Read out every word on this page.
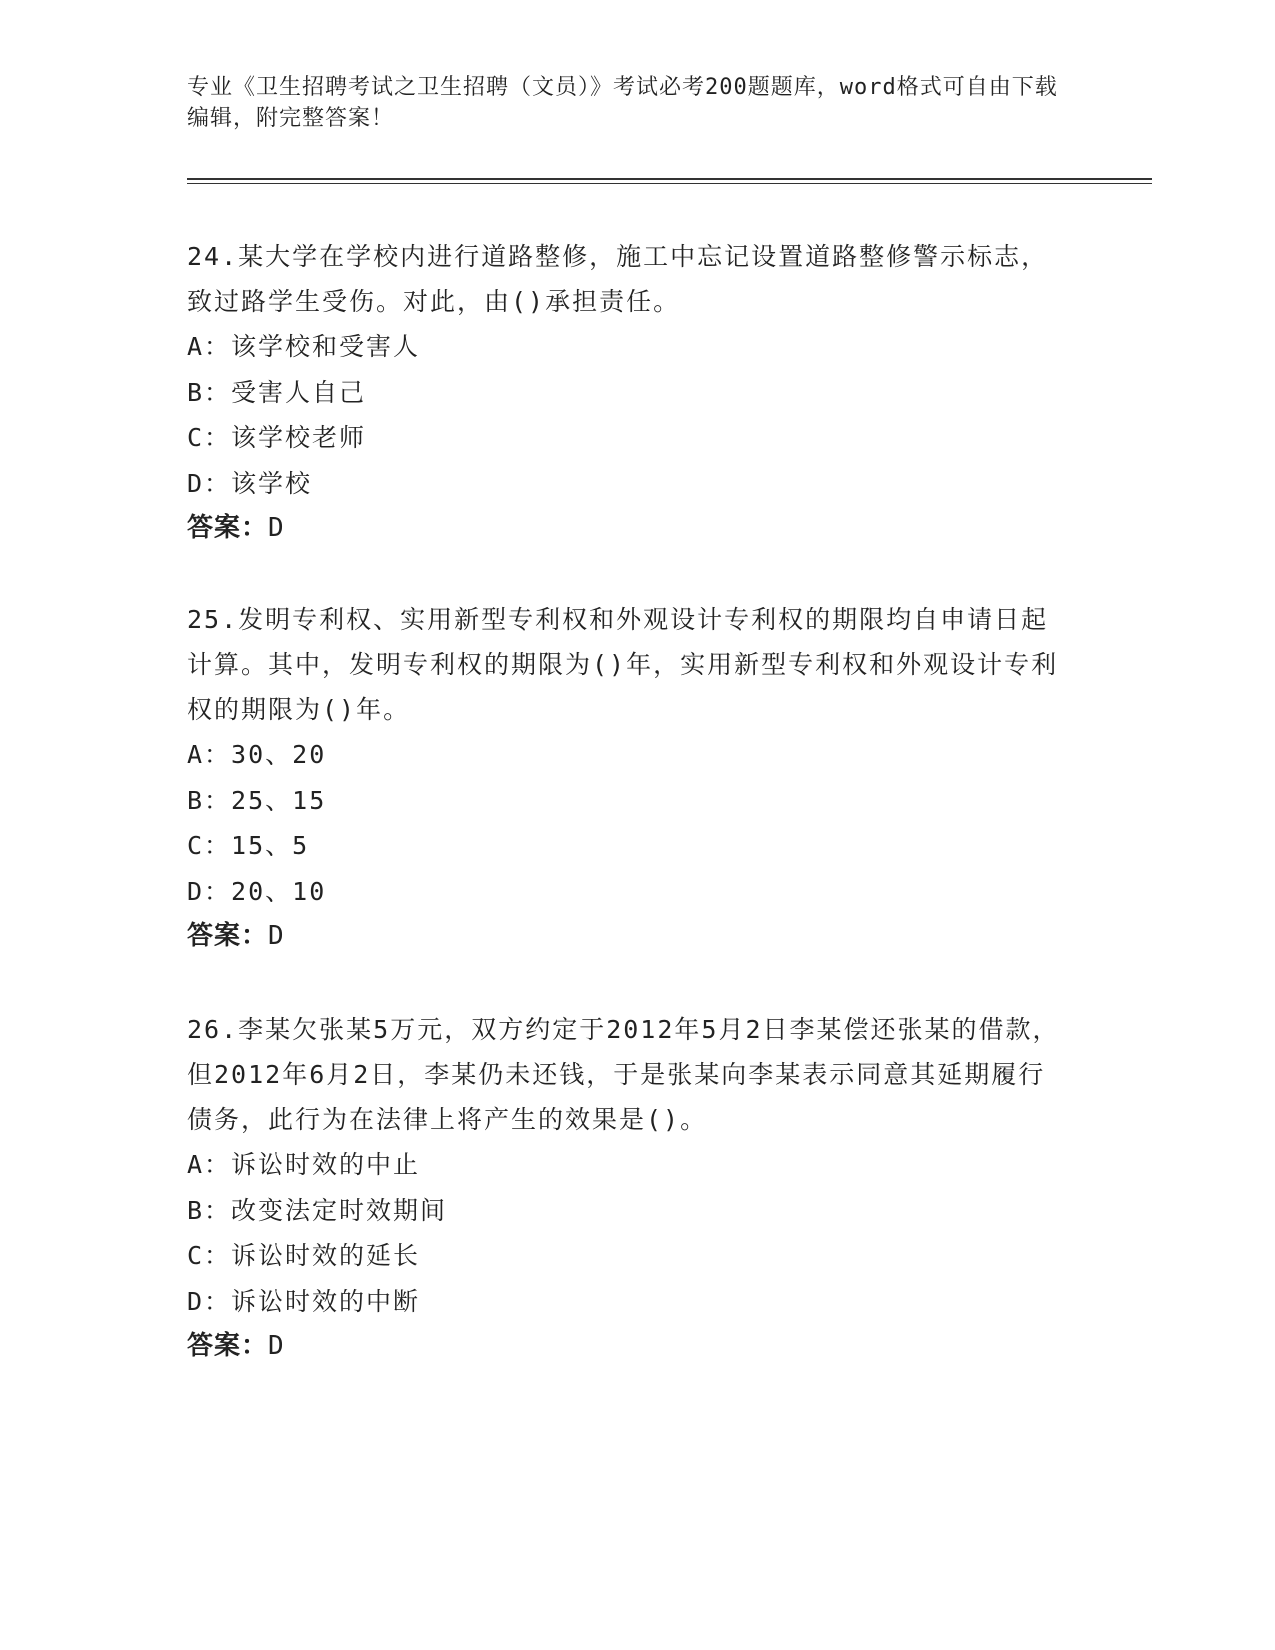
专业《卫生招聘考试之卫生招聘（文员）》考试必考200题题库，word格式可自由下载编辑，附完整答案！

24.某大学在学校内进行道路整修，施工中忘记设置道路整修警示标志，致过路学生受伤。对此，由()承担责任。

A：该学校和受害人

B：受害人自己

C：该学校老师

D：该学校

答案：D

25.发明专利权、实用新型专利权和外观设计专利权的期限均自申请日起计算。其中，发明专利权的期限为()年，实用新型专利权和外观设计专利权的期限为()年。

A：30、20

B：25、15

C：15、5

D：20、10

答案：D

26.李某欠张某5万元，双方约定于2012年5月2日李某偿还张某的借款，但2012年6月2日，李某仍未还钱，于是张某向李某表示同意其延期履行债务，此行为在法律上将产生的效果是()。

A：诉讼时效的中止

B：改变法定时效期间

C：诉讼时效的延长

D：诉讼时效的中断

答案：D
